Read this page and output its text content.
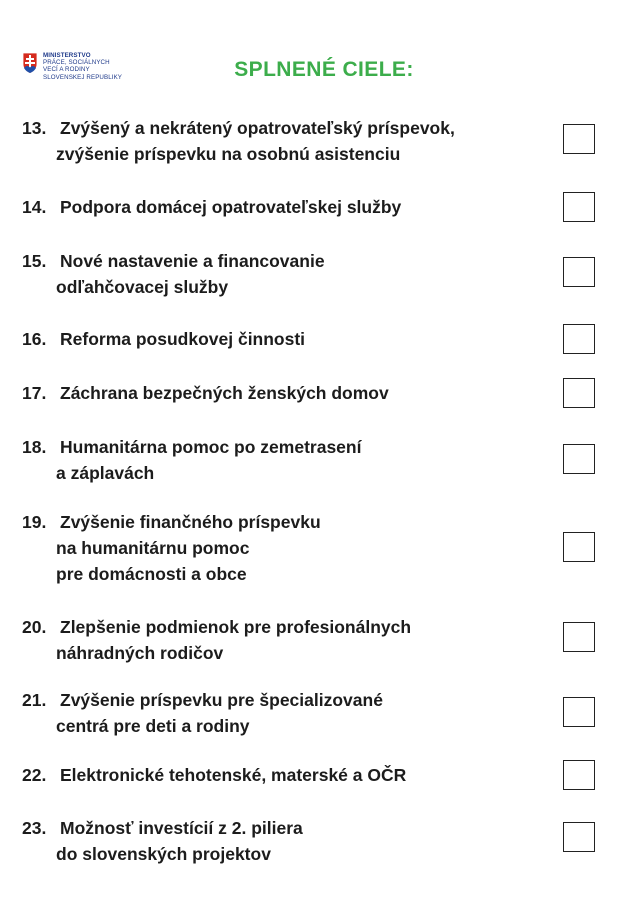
MINISTERSTVO
PRÁCE, SOCIÁLNYCH
VECÍ A RODINY
SLOVENSKEJ REPUBLIKY	SPLNENÉ CIELE:
13. Zvýšený a nekrátený opatrovateľský príspevok,
zvýšenie príspevku na osobnú asistenciu
14. Podpora domácej opatrovateľskej služby
15. Nové nastavenie a financovanie
odľahčovacej služby
16. Reforma posudkovej činnosti
17. Záchrana bezpečných ženských domov
18. Humanitárna pomoc po zemetrasení
a záplavách
19. Zvýšenie finančného príspevku
na humanitárnu pomoc
pre domácnosti a obce
20. Zlepšenie podmienok pre profesionálnych
náhradných rodičov
21. Zvýšenie príspevku pre špecializované
centrá pre deti a rodiny
22. Elektronické tehotenské, materské a OČR
23. Možnosť investícií z 2. piliera
do slovenských projektov
